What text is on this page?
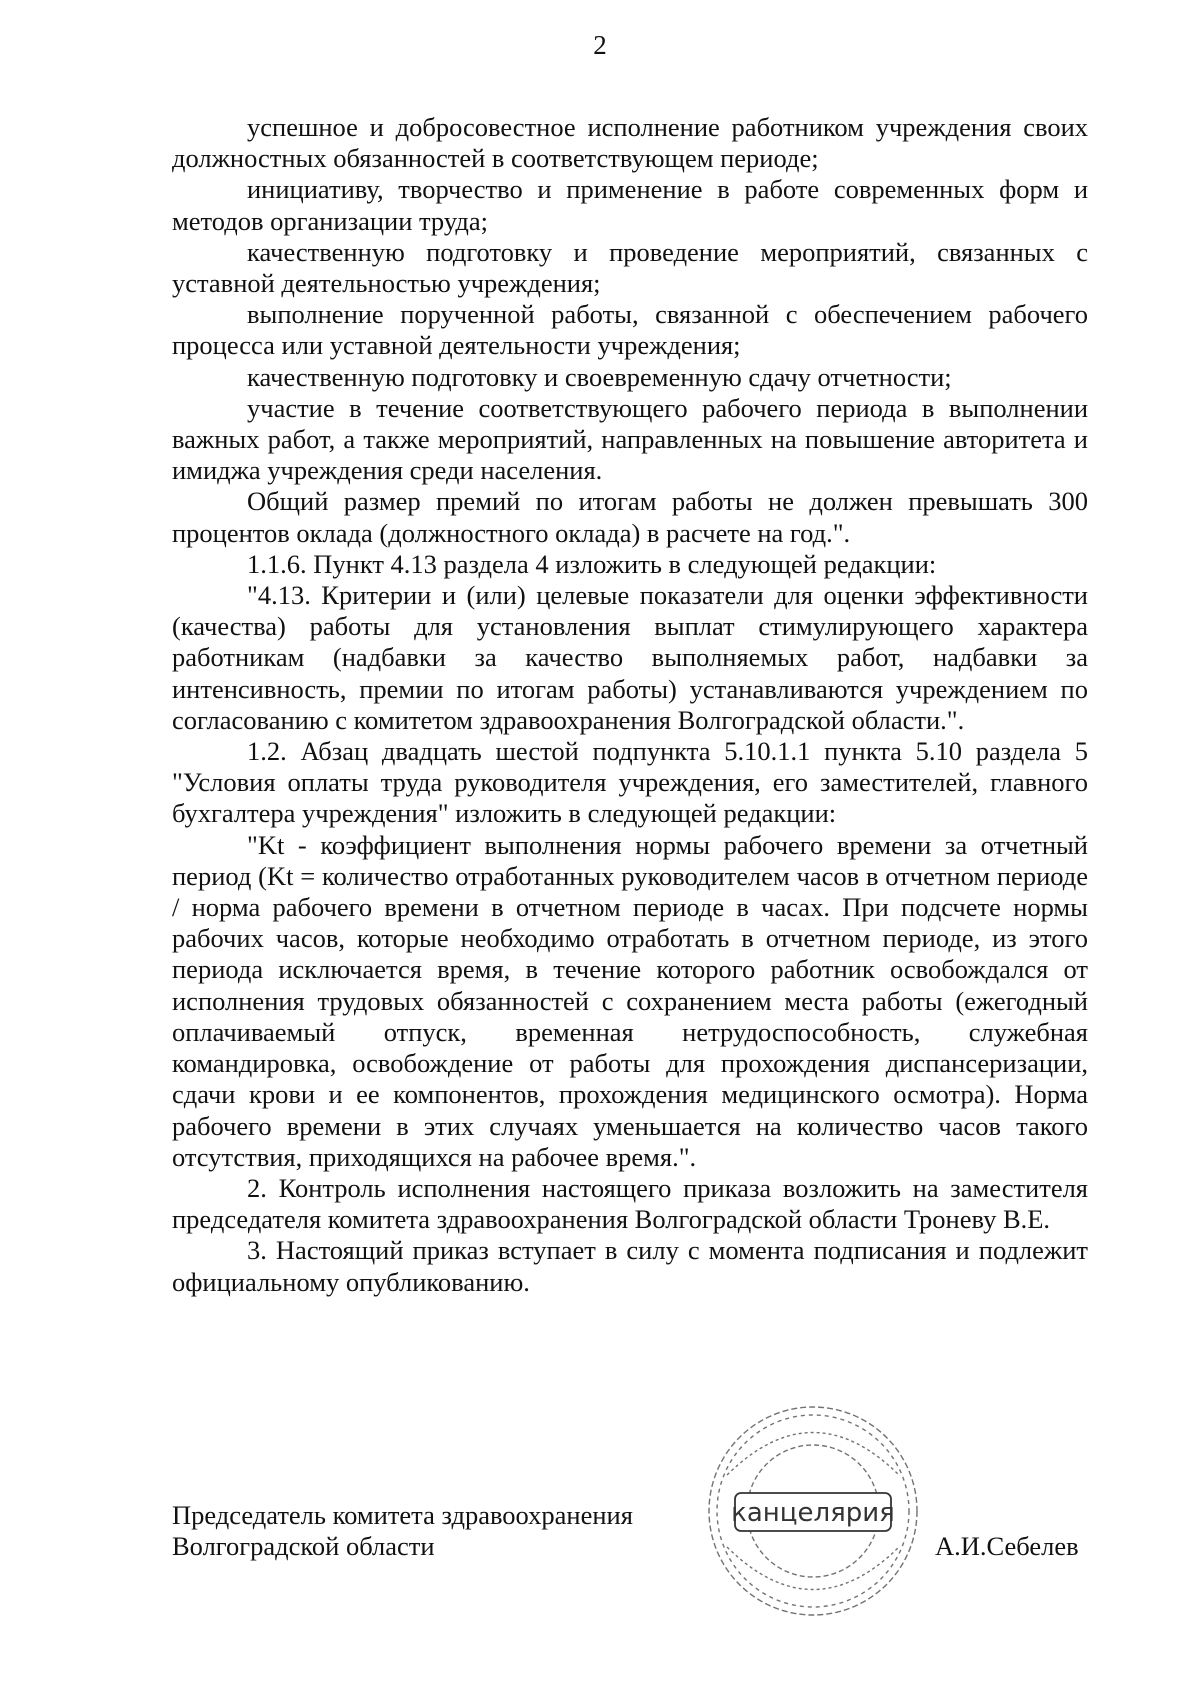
2

успешное и добросовестное исполнение работником учреждения своих должностных обязанностей в соответствующем периоде;

инициативу, творчество и применение в работе современных форм и методов организации труда;

качественную подготовку и проведение мероприятий, связанных с уставной деятельностью учреждения;

выполнение порученной работы, связанной с обеспечением рабочего процесса или уставной деятельности учреждения;

качественную подготовку и своевременную сдачу отчетности;

участие в течение соответствующего рабочего периода в выполнении важных работ, а также мероприятий, направленных на повышение авторитета и имиджа учреждения среди населения.

Общий размер премий по итогам работы не должен превышать 300 процентов оклада (должностного оклада) в расчете на год.".

1.1.6. Пункт 4.13 раздела 4 изложить в следующей редакции:

"4.13. Критерии и (или) целевые показатели для оценки эффективности (качества) работы для установления выплат стимулирующего характера работникам (надбавки за качество выполняемых работ, надбавки за интенсивность, премии по итогам работы) устанавливаются учреждением по согласованию с комитетом здравоохранения Волгоградской области.".

1.2. Абзац двадцать шестой подпункта 5.10.1.1 пункта 5.10 раздела 5 "Условия оплаты труда руководителя учреждения, его заместителей, главного бухгалтера учреждения" изложить в следующей редакции:

"Kt - коэффициент выполнения нормы рабочего времени за отчетный период (Kt = количество отработанных руководителем часов в отчетном периоде / норма рабочего времени в отчетном периоде в часах. При подсчете нормы рабочих часов, которые необходимо отработать в отчетном периоде, из этого периода исключается время, в течение которого работник освобождался от исполнения трудовых обязанностей с сохранением места работы (ежегодный оплачиваемый отпуск, временная нетрудоспособность, служебная командировка, освобождение от работы для прохождения диспансеризации, сдачи крови и ее компонентов, прохождения медицинского осмотра). Норма рабочего времени в этих случаях уменьшается на количество часов такого отсутствия, приходящихся на рабочее время.".

2. Контроль исполнения настоящего приказа возложить на заместителя председателя комитета здравоохранения Волгоградской области Троневу В.Е.

3. Настоящий приказ вступает в силу с момента подписания и подлежит официальному опубликованию.

Председатель комитета здравоохранения
Волгоградской области	А.И.Себелев
канцелярия
